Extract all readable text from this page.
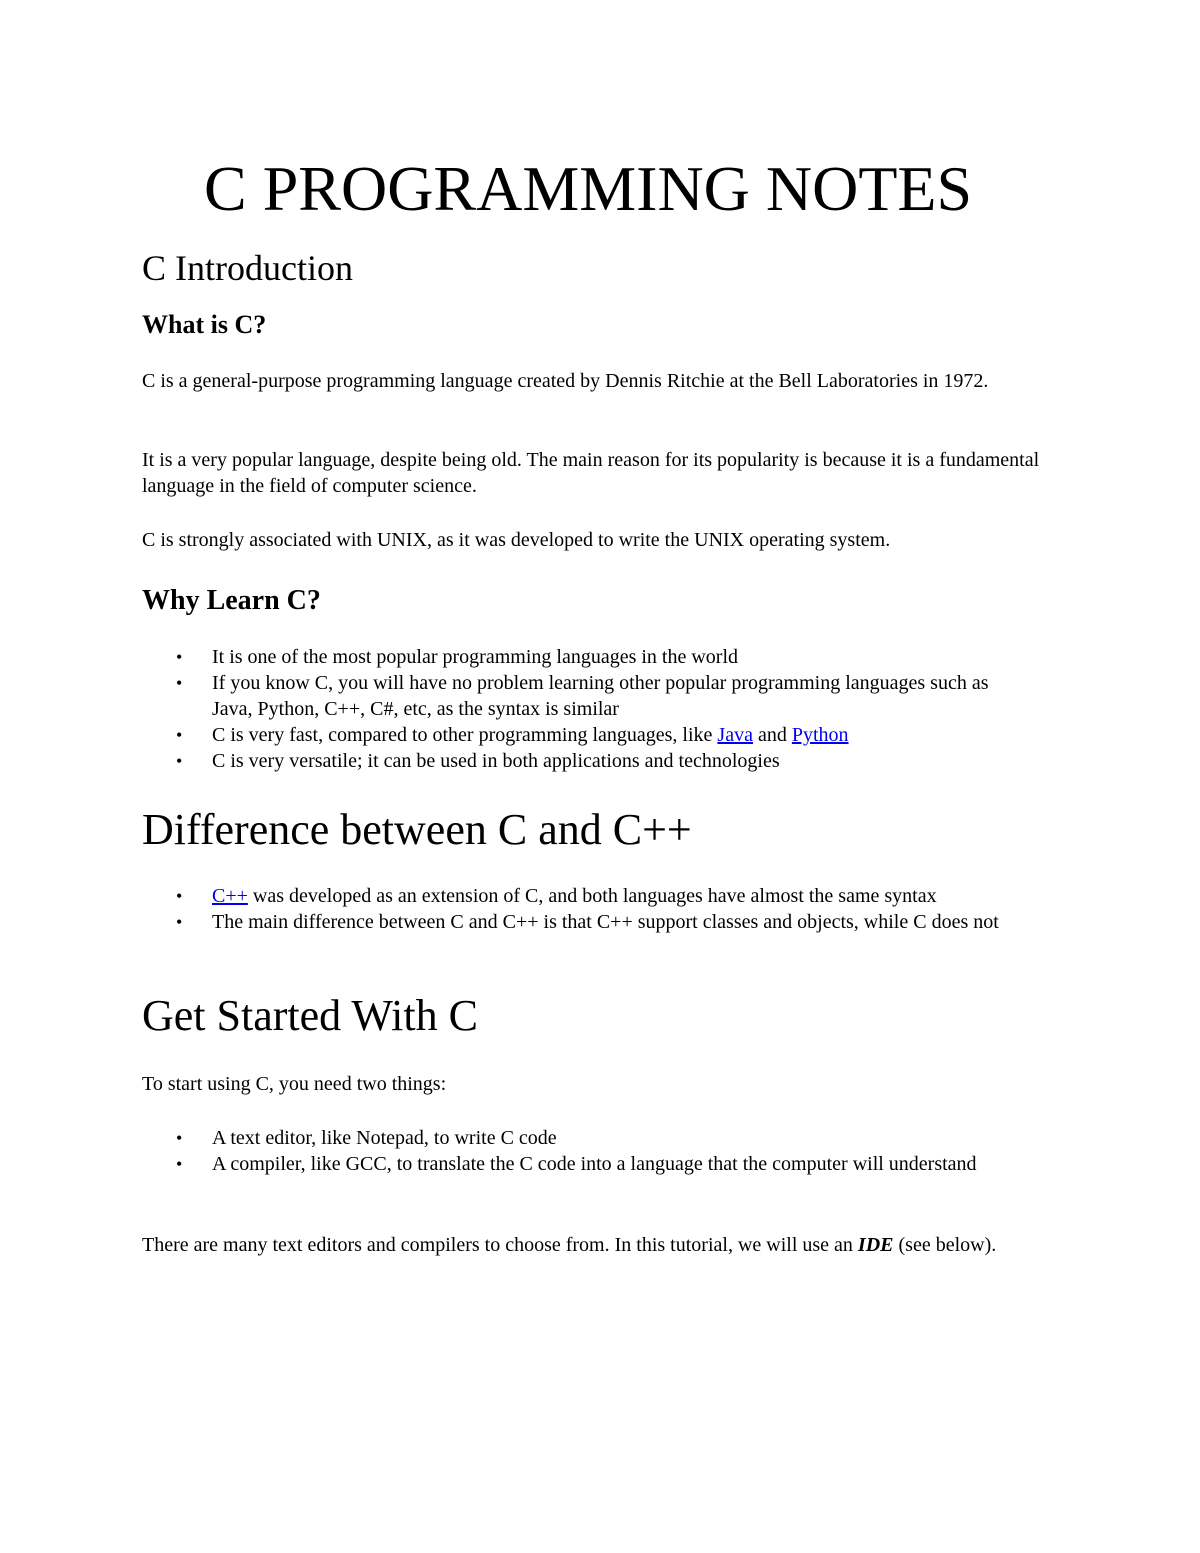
C PROGRAMMING NOTES
C Introduction
What is C?

C is a general-purpose programming language created by Dennis Ritchie at the Bell Laboratories in 1972.

It is a very popular language, despite being old. The main reason for its popularity is because it is a fundamental language in the field of computer science.

C is strongly associated with UNIX, as it was developed to write the UNIX operating system.

Why Learn C?
• It is one of the most popular programming languages in the world
• If you know C, you will have no problem learning other popular programming languages such as Java, Python, C++, C#, etc, as the syntax is similar
• C is very fast, compared to other programming languages, like Java and Python
• C is very versatile; it can be used in both applications and technologies
Difference between C and C++
• C++ was developed as an extension of C, and both languages have almost the same syntax
• The main difference between C and C++ is that C++ support classes and objects, while C does not
Get Started With C

To start using C, you need two things:

• A text editor, like Notepad, to write C code
• A compiler, like GCC, to translate the C code into a language that the computer will understand

There are many text editors and compilers to choose from. In this tutorial, we will use an IDE (see below).
